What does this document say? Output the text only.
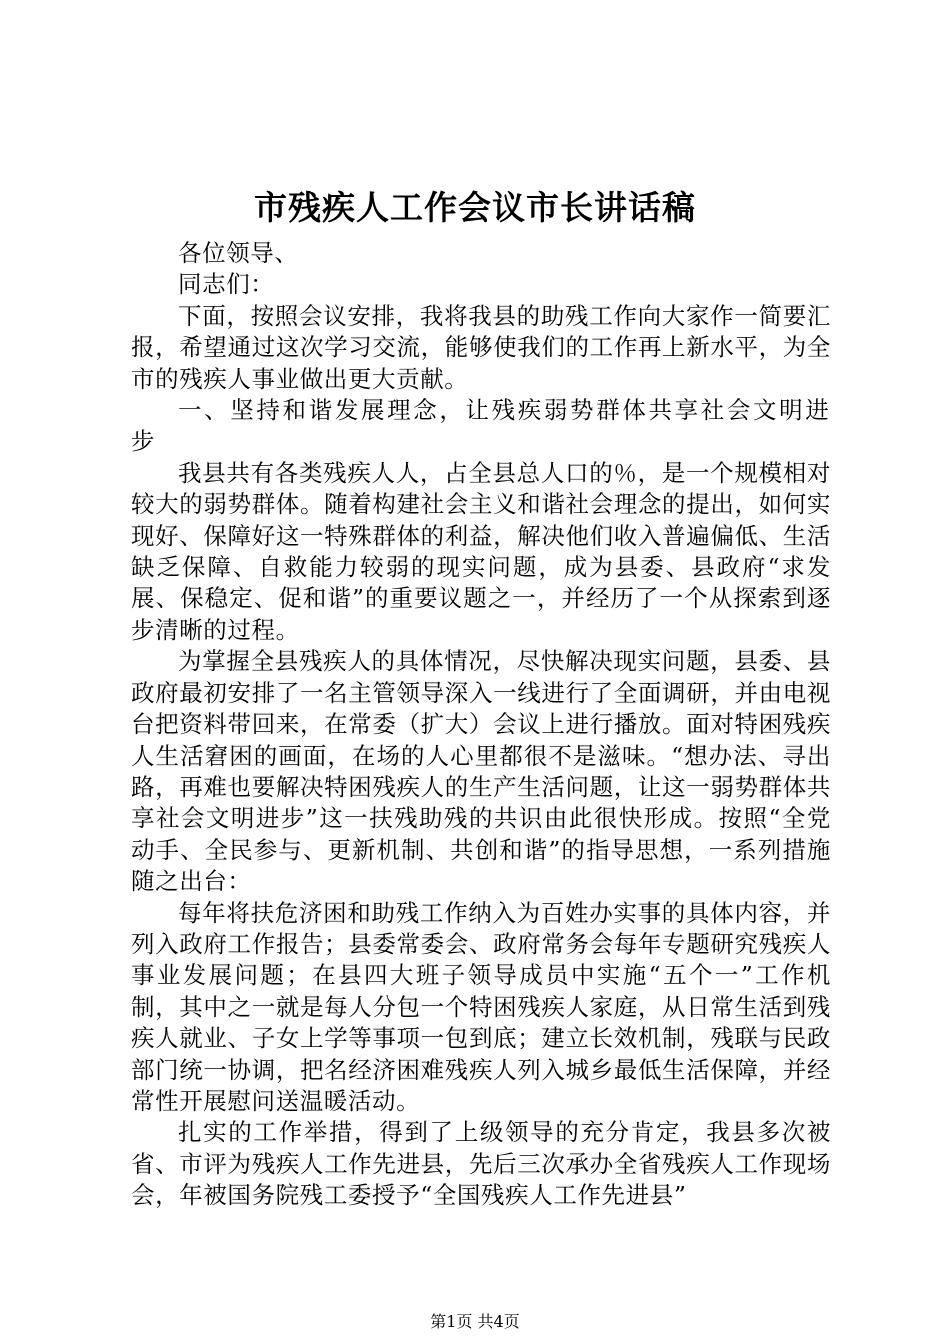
市残疾人工作会议市长讲话稿

各位领导、

同志们：

下面，按照会议安排，我将我县的助残工作向大家作一简要汇报，希望通过这次学习交流，能够使我们的工作再上新水平，为全市的残疾人事业做出更大贡献。

一、坚持和谐发展理念，让残疾弱势群体共享社会文明进步

我县共有各类残疾人人，占全县总人口的％，是一个规模相对较大的弱势群体。随着构建社会主义和谐社会理念的提出，如何实现好、保障好这一特殊群体的利益，解决他们收入普遍偏低、生活缺乏保障、自救能力较弱的现实问题，成为县委、县政府“求发展、保稳定、促和谐”的重要议题之一，并经历了一个从探索到逐步清晰的过程。

为掌握全县残疾人的具体情况，尽快解决现实问题，县委、县政府最初安排了一名主管领导深入一线进行了全面调研，并由电视台把资料带回来，在常委（扩大）会议上进行播放。面对特困残疾人生活窘困的画面，在场的人心里都很不是滋味。“想办法、寻出路，再难也要解决特困残疾人的生产生活问题，让这一弱势群体共享社会文明进步”这一扶残助残的共识由此很快形成。按照“全党动手、全民参与、更新机制、共创和谐”的指导思想，一系列措施随之出台：

每年将扶危济困和助残工作纳入为百姓办实事的具体内容，并列入政府工作报告；县委常委会、政府常务会每年专题研究残疾人事业发展问题；在县四大班子领导成员中实施“五个一”工作机制，其中之一就是每人分包一个特困残疾人家庭，从日常生活到残疾人就业、子女上学等事项一包到底；建立长效机制，残联与民政部门统一协调，把名经济困难残疾人列入城乡最低生活保障，并经常性开展慰问送温暖活动。

扎实的工作举措，得到了上级领导的充分肯定，我县多次被省、市评为残疾人工作先进县，先后三次承办全省残疾人工作现场会，年被国务院残工委授予“全国残疾人工作先进县”

第1页 共4页
